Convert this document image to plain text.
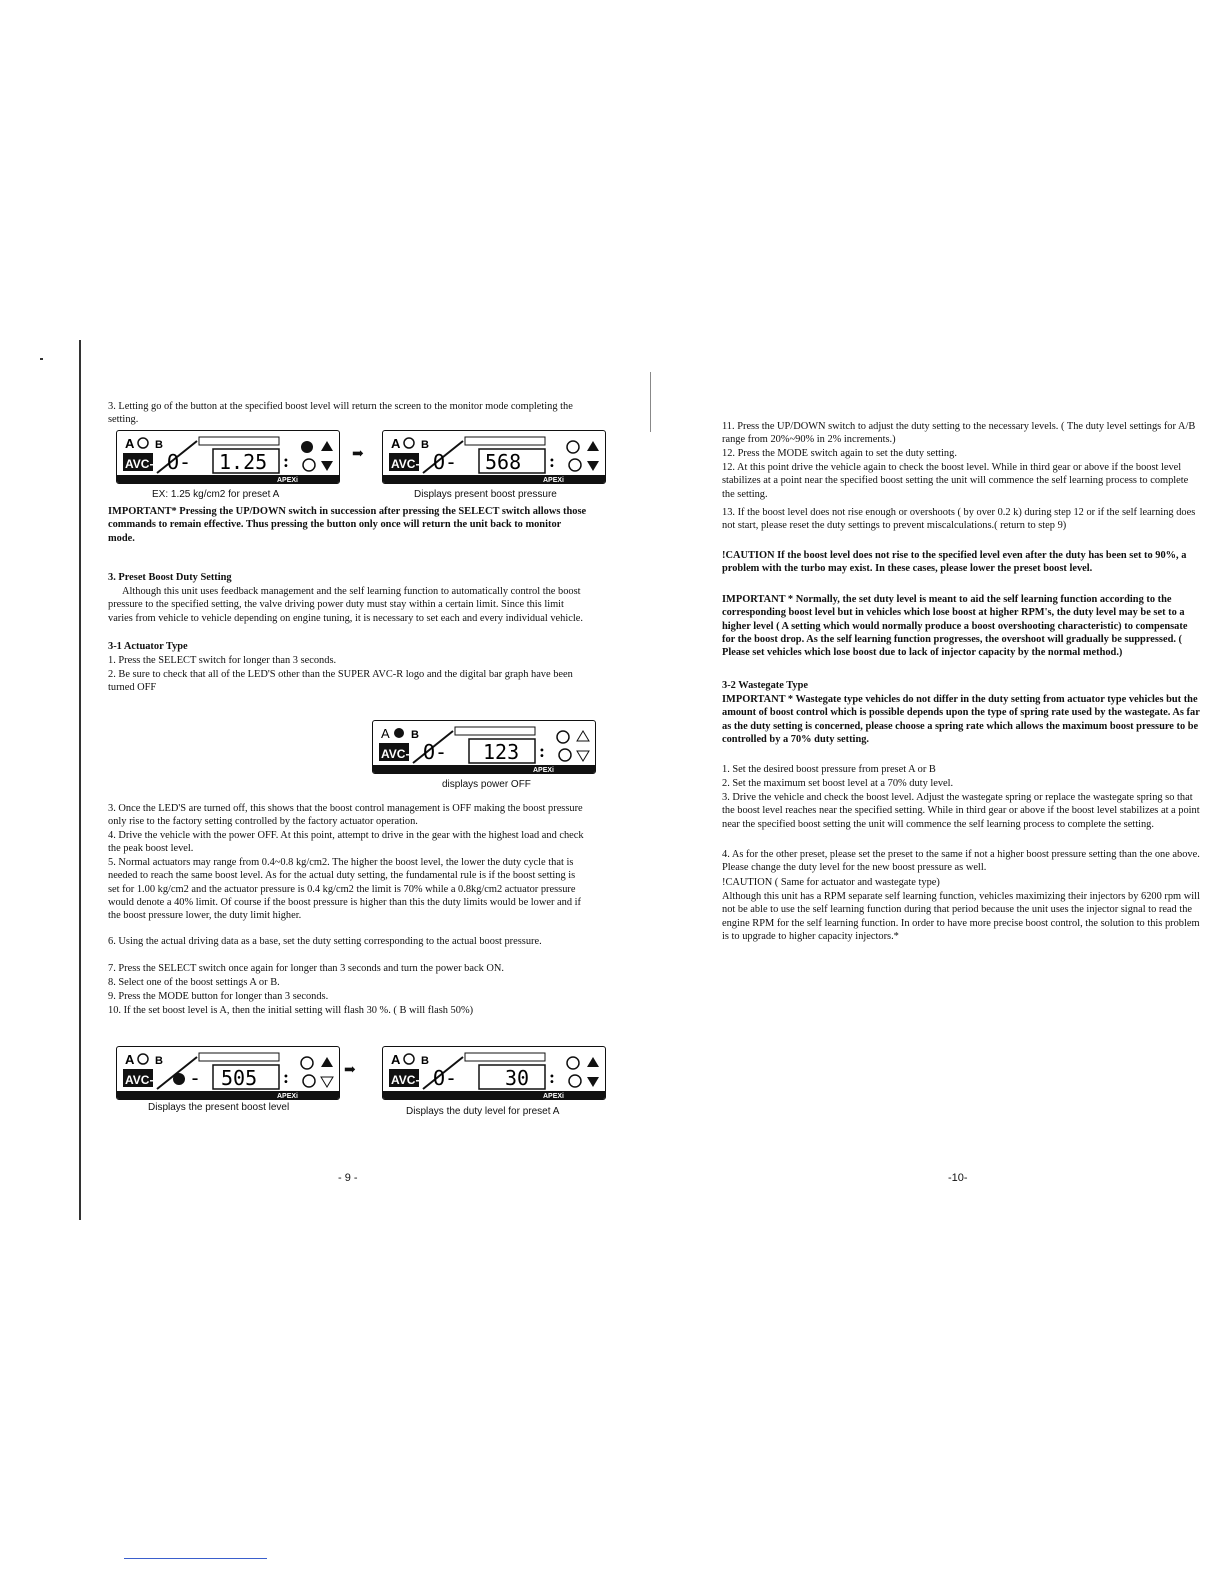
3. Letting go of the button at the specified boost level will return the screen to the monitor mode completing the setting.

A B
AVC-R O- 1.25 :
APEXi
➡
A B
AVC-R O- 568 :
APEXi
EX: 1.25 kg/cm2 for preset A	Displays present boost pressure

IMPORTANT* Pressing the UP/DOWN switch in succession after pressing the SELECT switch allows those commands to remain effective. Thus pressing the button only once will return the unit back to monitor mode.

3. Preset Boost Duty Setting

Although this unit uses feedback management and the self learning function to automatically control the boost pressure to the specified setting, the valve driving power duty must stay within a certain limit. Since this limit varies from vehicle to vehicle depending on engine tuning, it is necessary to set each and every individual vehicle.

3-1 Actuator Type

1. Press the SELECT switch for longer than 3 seconds.

2. Be sure to check that all of the LED'S other than the SUPER AVC-R logo and the digital bar graph have been turned OFF

A B
AVC-R O- 123 :
APEXi
displays power OFF

3. Once the LED'S are turned off, this shows that the boost control management is OFF making the boost pressure only rise to the factory setting controlled by the factory actuator operation.

4. Drive the vehicle with the power OFF. At this point, attempt to drive in the gear with the highest load and check the peak boost level.

5. Normal actuators may range from 0.4~0.8 kg/cm2. The higher the boost level, the lower the duty cycle that is needed to reach the same boost level. As for the actual duty setting, the fundamental rule is if the boost setting is set for 1.00 kg/cm2 and the actuator pressure is 0.4 kg/cm2 the limit is 70% while a 0.8kg/cm2 actuator pressure would denote a 40% limit. Of course if the boost pressure is higher than this the duty limits would be lower and if the boost pressure lower, the duty limit higher.

6. Using the actual driving data as a base, set the duty setting corresponding to the actual boost pressure.

7. Press the SELECT switch once again for longer than 3 seconds and turn the power back ON.

8. Select one of the boost settings A or B.

9. Press the MODE button for longer than 3 seconds.

10. If the set boost level is A, then the initial setting will flash 30 %. ( B will flash 50%)

A B
AVC-R - 505 :
APEXi
➡
A B
AVC-R O- 30 :
APEXi
Displays the present boost level	Displays the duty level for preset A
- 9 -

11. Press the UP/DOWN switch to adjust the duty setting to the necessary levels. ( The duty level settings for A/B range from 20%~90% in 2% increments.)

12. Press the MODE switch again to set the duty setting.

12. At this point drive the vehicle again to check the boost level. While in third gear or above if the boost level stabilizes at a point near the specified boost setting the unit will commence the self learning process to complete the setting.

13. If the boost level does not rise enough or overshoots ( by over 0.2 k) during step 12 or if the self learning does not start, please reset the duty settings to prevent miscalculations.( return to step 9)

!CAUTION If the boost level does not rise to the specified level even after the duty has been set to 90%, a problem with the turbo may exist. In these cases, please lower the preset boost level.

IMPORTANT * Normally, the set duty level is meant to aid the self learning function according to the corresponding boost level but in vehicles which lose boost at higher RPM's, the duty level may be set to a higher level ( A setting which would normally produce a boost overshooting characteristic) to compensate for the boost drop. As the self learning function progresses, the overshoot will gradually be suppressed. ( Please set vehicles which lose boost due to lack of injector capacity by the normal method.)

3-2 Wastegate Type

IMPORTANT * Wastegate type vehicles do not differ in the duty setting from actuator type vehicles but the amount of boost control which is possible depends upon the type of spring rate used by the wastegate. As far as the duty setting is concerned, please choose a spring rate which allows the maximum boost pressure to be controlled by a 70% duty setting.

1. Set the desired boost pressure from preset A or B

2. Set the maximum set boost level at a 70% duty level.

3. Drive the vehicle and check the boost level. Adjust the wastegate spring or replace the wastegate spring so that the boost level reaches near the specified setting. While in third gear or above if the boost level stabilizes at a point near the specified boost setting the unit will commence the self learning process to complete the setting.

4. As for the other preset, please set the preset to the same if not a higher boost pressure setting than the one above. Please change the duty level for the new boost pressure as well.

!CAUTION ( Same for actuator and wastegate type)

Although this unit has a RPM separate self learning function, vehicles maximizing their injectors by 6200 rpm will not be able to use the self learning function during that period because the unit uses the injector signal to read the engine RPM for the self learning function. In order to have more precise boost control, the solution to this problem is to upgrade to higher capacity injectors.*

-10-
